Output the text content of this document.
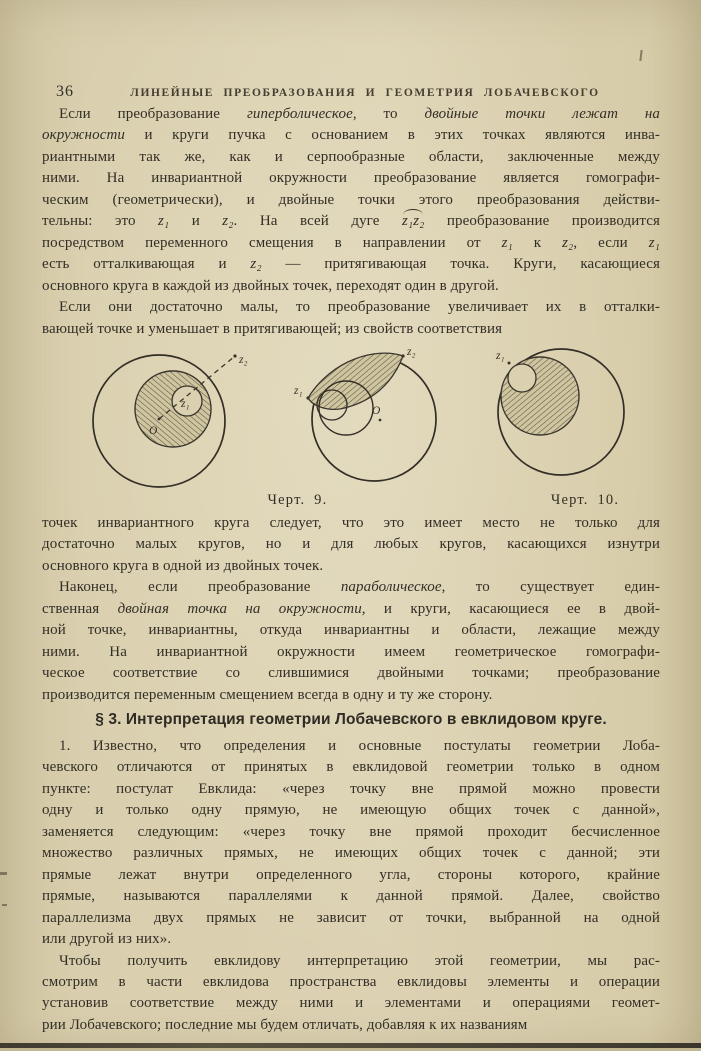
36	ЛИНЕЙНЫЕ ПРЕОБРАЗОВАНИЯ И ГЕОМЕТРИЯ ЛОБАЧЕВСКОГО
Если преобразование гиперболическое, то двойные точки лежат на
окружности и круги пучка с основанием в этих точках являются инва-
риантными так же, как и серпообразные области, заключенные между
ними. На инвариантной окружности преобразование является гомографи-
ческим (геометрически), и двойные точки этого преобразования действи-
тельны: это z₁ и z₂. На всей дуге z₁z₂ преобразование производится
посредством переменного смещения в направлении от z₁ к z₂, если z₁
есть отталкивающая и z₂ — притягивающая точка. Круги, касающиеся
основного круга в каждой из двойных точек, переходят один в другой.
Если они достаточно малы, то преобразование увеличивает их в отталки-
вающей точке и уменьшает в притягивающей; из свойств соответствия
z₂
z₁
O
z₁
z₂
O
z₁
Черт. 9.	Черт. 10.
точек инвариантного круга следует, что это имеет место не только для
достаточно малых кругов, но и для любых кругов, касающихся изнутри
основного круга в одной из двойных точек.
Наконец, если преобразование параболическое, то существует един-
ственная двойная точка на окружности, и круги, касающиеся ее в двой-
ной точке, инвариантны, откуда инвариантны и области, лежащие между
ними. На инвариантной окружности имеем геометрическое гомографи-
ческое соответствие со слившимися двойными точками; преобразование
производится переменным смещением всегда в одну и ту же сторону.
§ 3. Интерпретация геометрии Лобачевского в евклидовом круге.
1. Известно, что определения и основные постулаты геометрии Лоба-
чевского отличаются от принятых в евклидовой геометрии только в одном
пункте: постулат Евклида: «через точку вне прямой можно провести
одну и только одну прямую, не имеющую общих точек с данной»,
заменяется следующим: «через точку вне прямой проходит бесчисленное
множество различных прямых, не имеющих общих точек с данной; эти
прямые лежат внутри определенного угла, стороны которого, крайние
прямые, называются параллелями к данной прямой. Далее, свойство
параллелизма двух прямых не зависит от точки, выбранной на одной
или другой из них».
Чтобы получить евклидову интерпретацию этой геометрии, мы рас-
смотрим в части евклидова пространства евклидовы элементы и операции
установив соответствие между ними и элементами и операциями геомет-
рии Лобачевского; последние мы будем отличать, добавляя к их названиям
